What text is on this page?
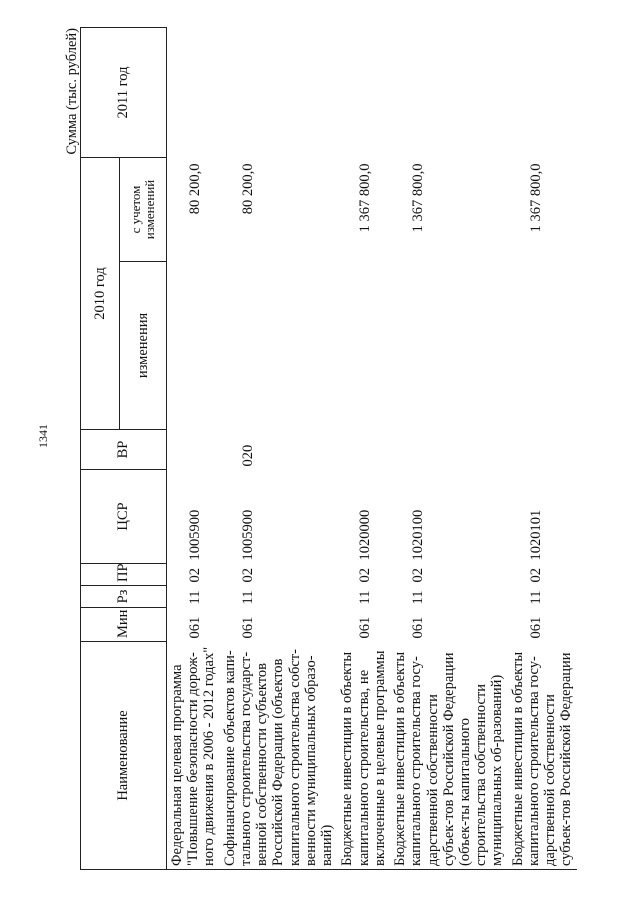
1341
Сумма (тыс. рублей)
Наименование	Мин	Рз	ПР	ЦСР	ВР	2010 год		2011 год
						изменения	с учетом изменений	
Федеральная целевая программа "Повышение безопасности дорож-ного движения в 2006 - 2012 годах"	061	11	02	1005900			80 200,0	
Софинансирование объектов капи-тального строительства государст-венной собственности субъектов Российской Федерации (объектов капитального строительства собст-венности муниципальных образо-ваний)	061	11	02	1005900	020		80 200,0	
Бюджетные инвестиции в объекты капитального строительства, не включенные в целевые программы	061	11	02	1020000			1 367 800,0	
Бюджетные инвестиции в объекты капитального строительства госу-дарственной собственности субъек-тов Российской Федерации (объек-ты капитального строительства собственности муниципальных об-разований)	061	11	02	1020100			1 367 800,0	
Бюджетные инвестиции в объекты капитального строительства госу-дарственной собственности субъек-тов Российской Федерации	061	11	02	1020101			1 367 800,0	
